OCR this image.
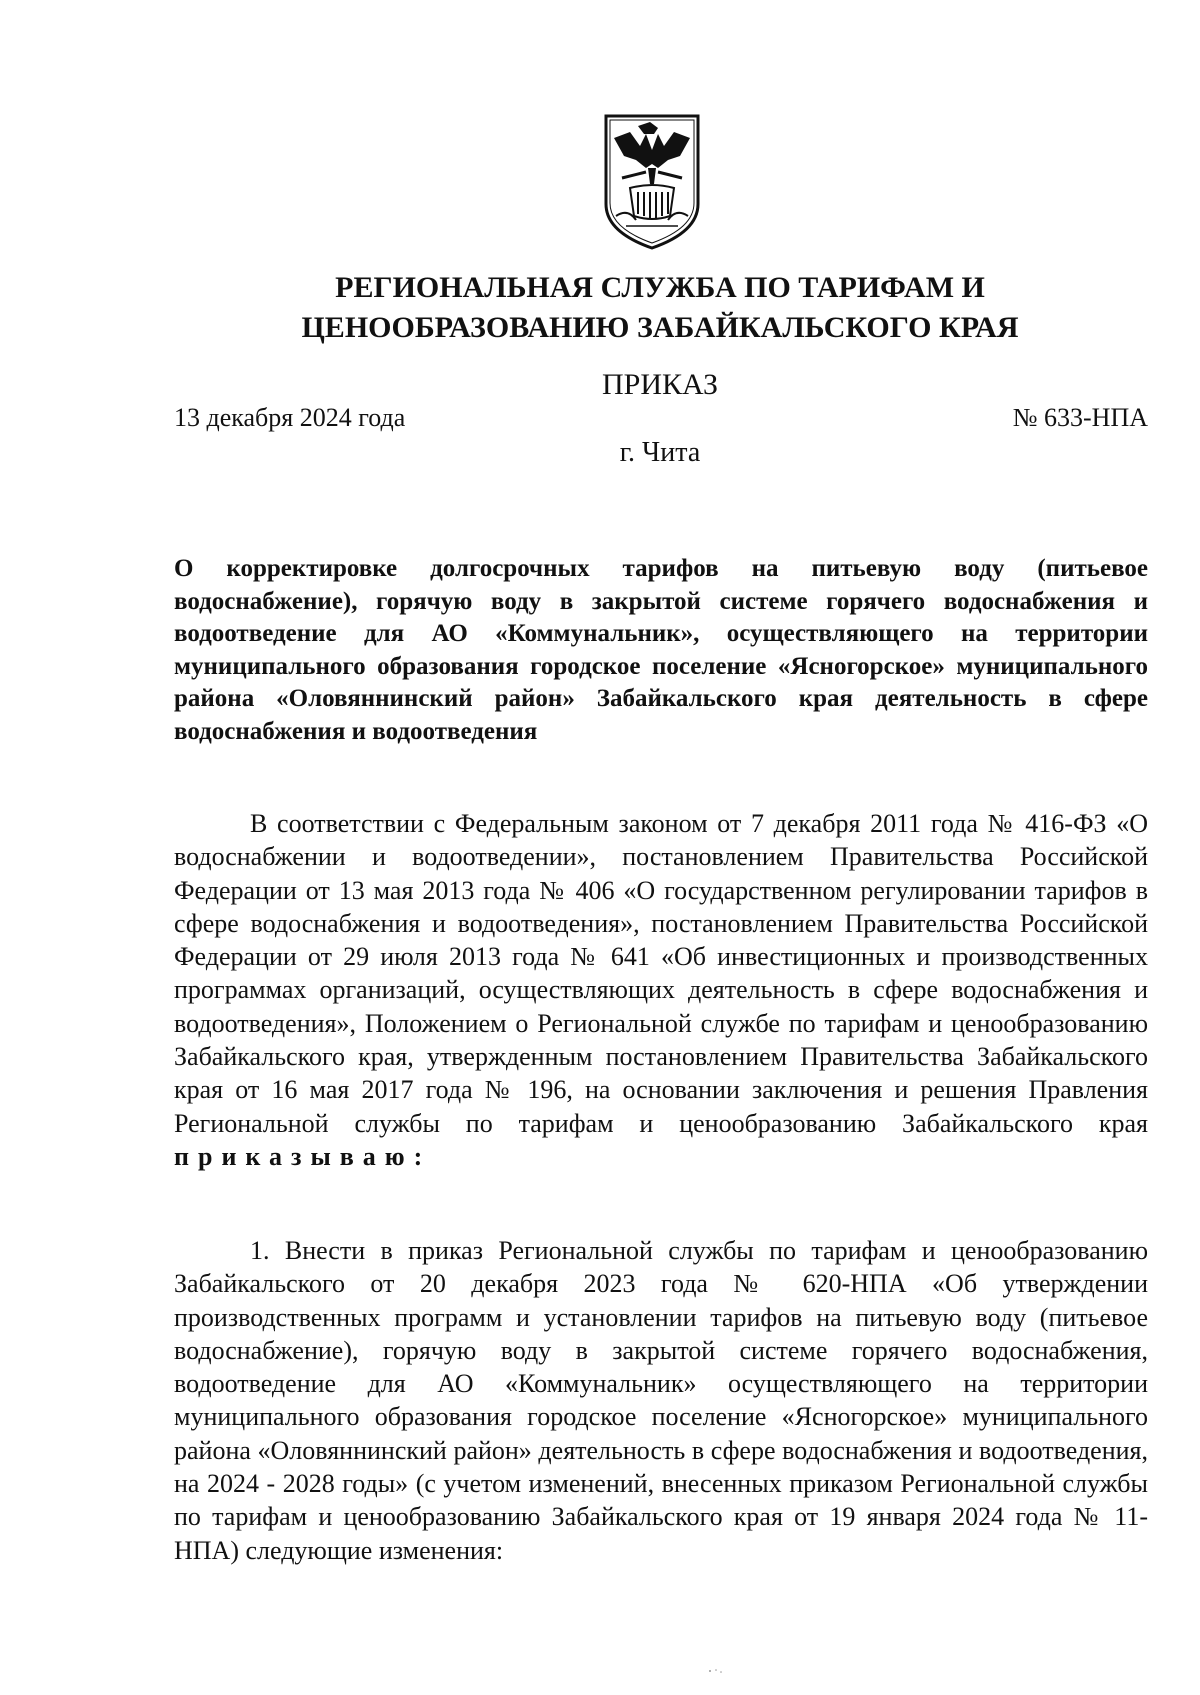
РЕГИОНАЛЬНАЯ СЛУЖБА ПО ТАРИФАМ И
ЦЕНООБРАЗОВАНИЮ ЗАБАЙКАЛЬСКОГО КРАЯ
ПРИКАЗ
13 декабря 2024 года	№ 633-НПА
г. Чита
О корректировке долгосрочных тарифов на питьевую воду (питьевое водоснабжение), горячую воду в закрытой системе горячего водоснабжения и водоотведение для АО «Коммунальник», осуществляющего на территории муниципального образования городское поселение «Ясногорское» муниципального района «Оловяннинский район» Забайкальского края деятельность в сфере водоснабжения и водоотведения
В соответствии с Федеральным законом от 7 декабря 2011 года № 416-ФЗ «О водоснабжении и водоотведении», постановлением Правительства Российской Федерации от 13 мая 2013 года № 406 «О государственном регулировании тарифов в сфере водоснабжения и водоотведения», постановлением Правительства Российской Федерации от 29 июля 2013 года № 641 «Об инвестиционных и производственных программах организаций, осуществляющих деятельность в сфере водоснабжения и водоотведения», Положением о Региональной службе по тарифам и ценообразованию Забайкальского края, утвержденным постановлением Правительства Забайкальского края от 16 мая 2017 года № 196, на основании заключения и решения Правления Региональной службы по тарифам и ценообразованию Забайкальского края приказываю:
1. Внести в приказ Региональной службы по тарифам и ценообразованию Забайкальского от 20 декабря 2023 года № 620-НПА «Об утверждении производственных программ и установлении тарифов на питьевую воду (питьевое водоснабжение), горячую воду в закрытой системе горячего водоснабжения, водоотведение для АО «Коммунальник» осуществляющего на территории муниципального образования городское поселение «Ясногорское» муниципального района «Оловяннинский район» деятельность в сфере водоснабжения и водоотведения, на 2024 - 2028 годы» (с учетом изменений, внесенных приказом Региональной службы по тарифам и ценообразованию Забайкальского края от 19 января 2024 года № 11-НПА) следующие изменения:
